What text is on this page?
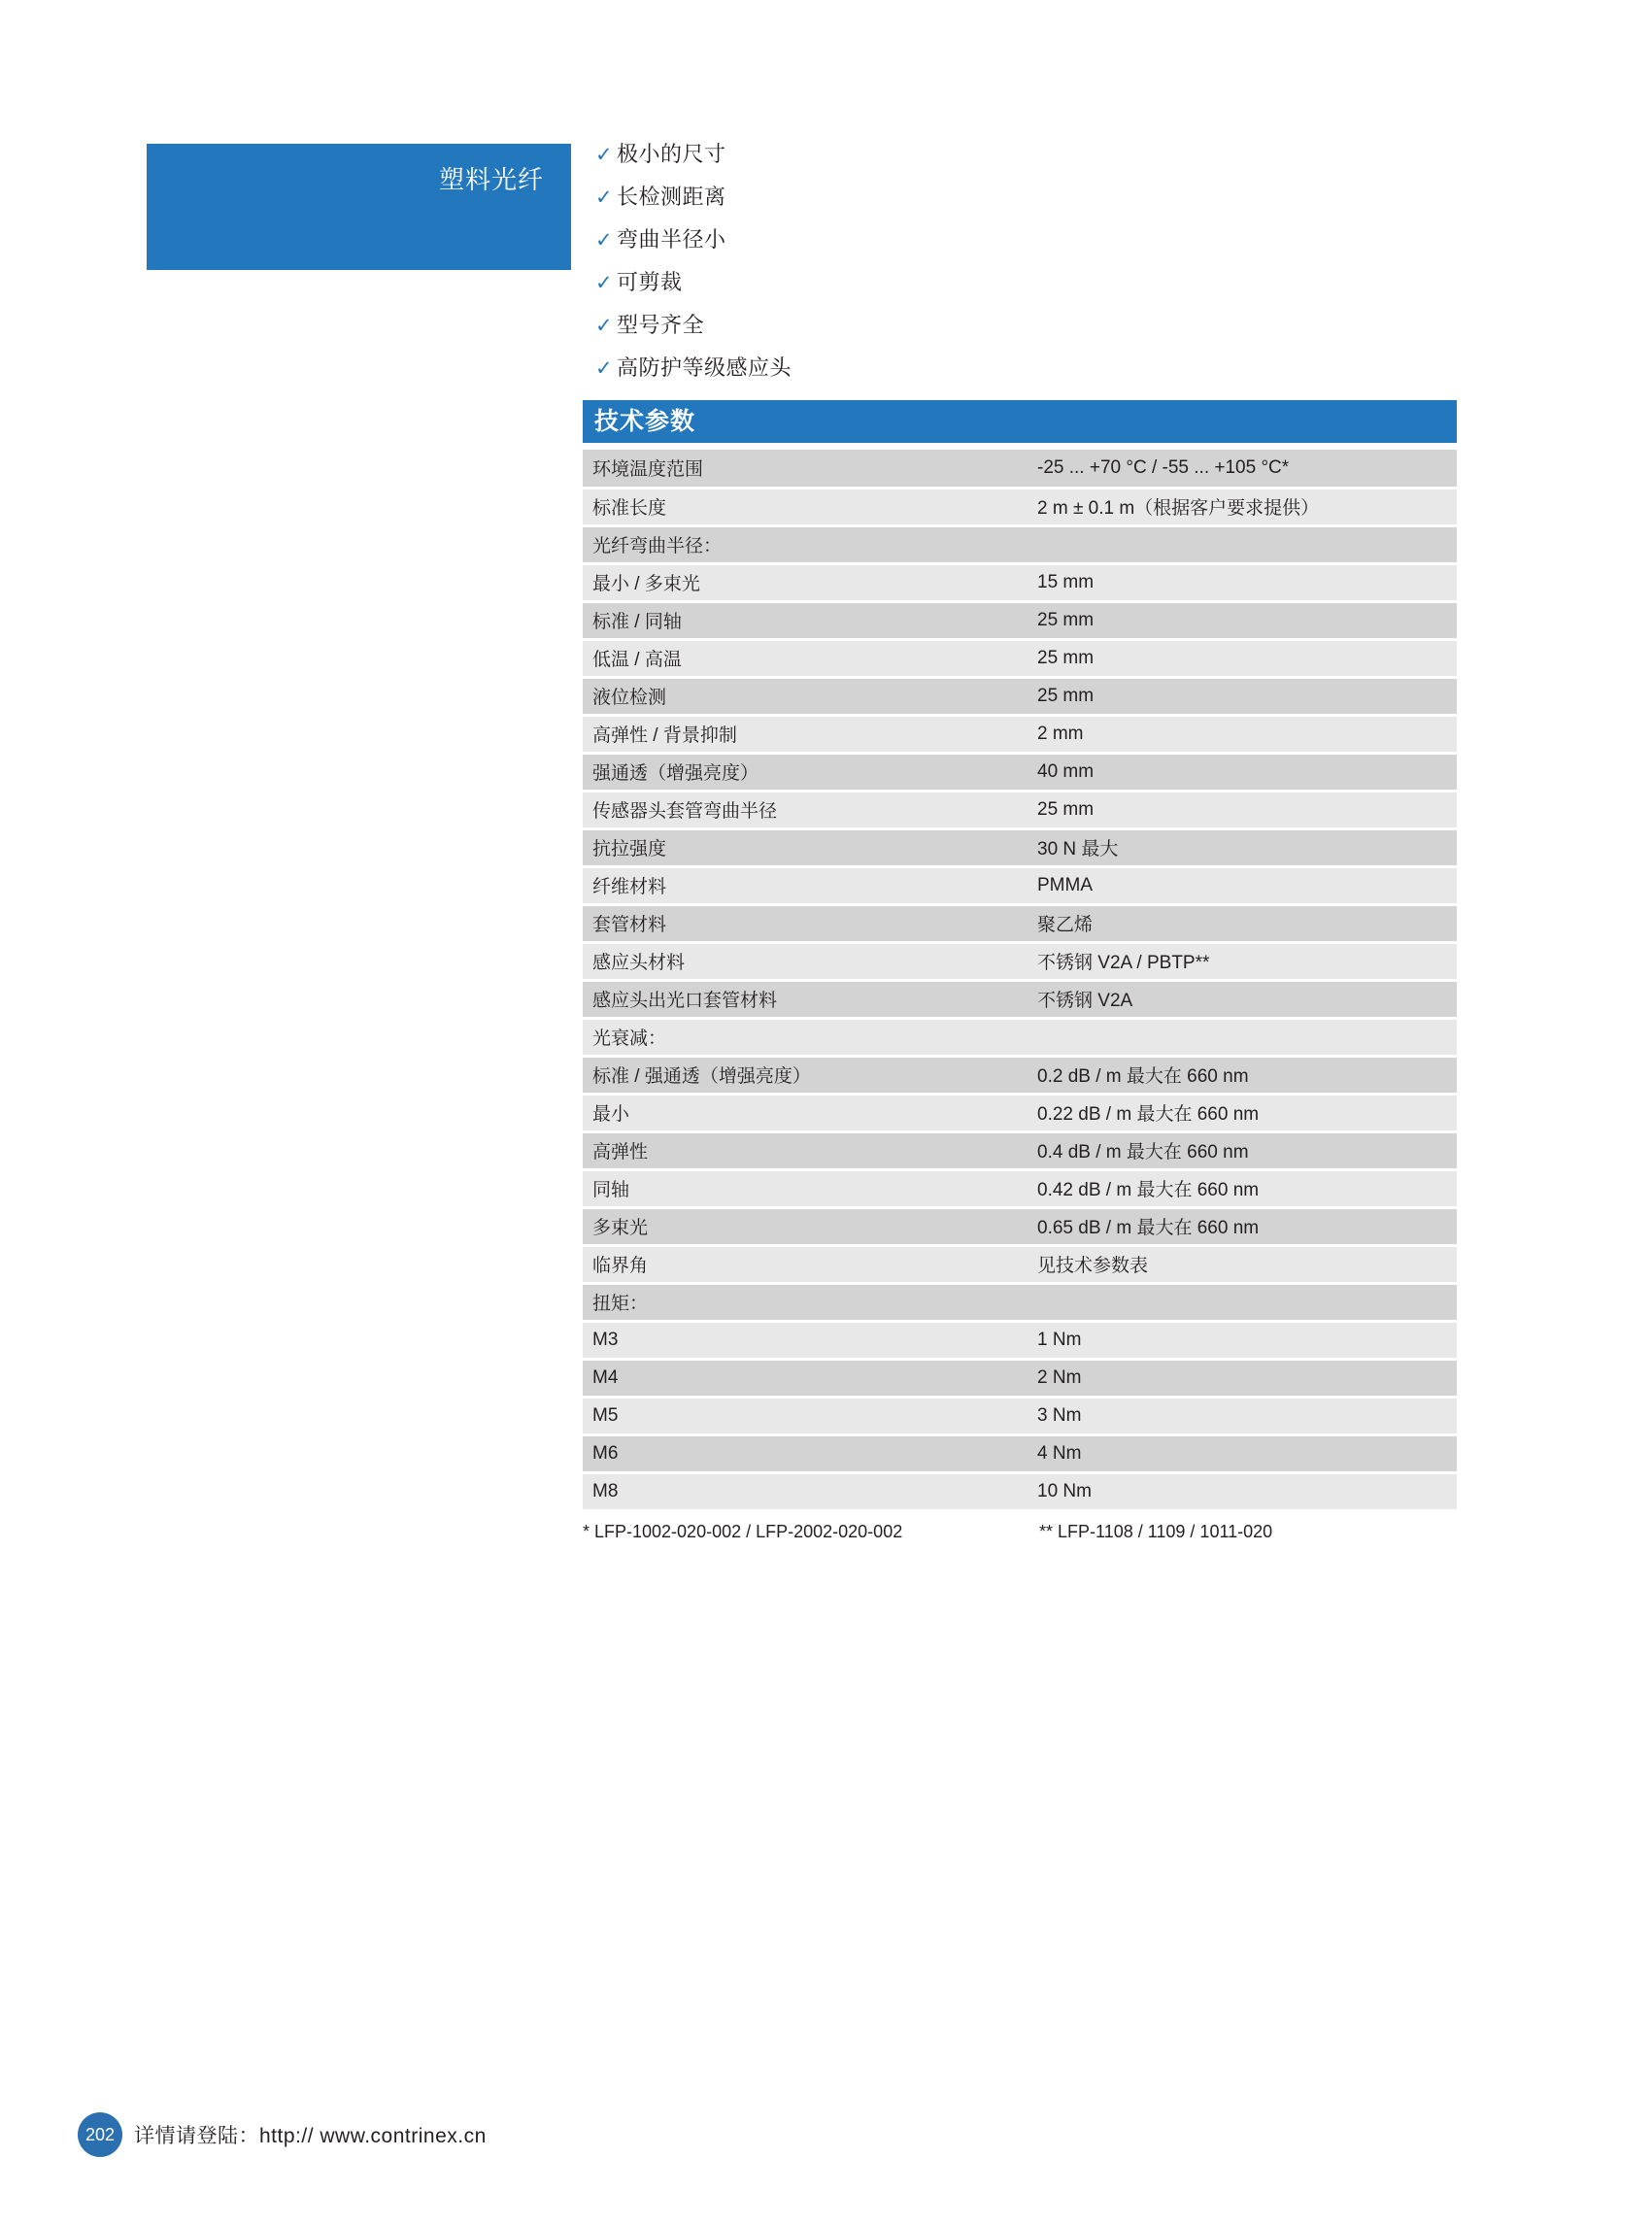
塑料光纤
✓ 极小的尺寸
✓ 长检测距离
✓ 弯曲半径小
✓ 可剪裁
✓ 型号齐全
✓ 高防护等级感应头
技术参数
环境温度范围	-25 ... +70 °C / -55 ... +105 °C*
标准长度	2 m ± 0.1 m（根据客户要求提供）
光纤弯曲半径：	
最小 / 多束光	15 mm
标准 / 同轴	25 mm
低温 / 高温	25 mm
液位检测	25 mm
高弹性 / 背景抑制	2 mm
强通透（增强亮度）	40 mm
传感器头套管弯曲半径	25 mm
抗拉强度	30 N 最大
纤维材料	PMMA
套管材料	聚乙烯
感应头材料	不锈钢 V2A / PBTP**
感应头出光口套管材料	不锈钢 V2A
光衰减：	
标准 / 强通透（增强亮度）	0.2 dB / m 最大在 660 nm
最小	0.22 dB / m 最大在 660 nm
高弹性	0.4 dB / m 最大在 660 nm
同轴	0.42 dB / m 最大在 660 nm
多束光	0.65 dB / m 最大在 660 nm
临界角	见技术参数表
扭矩：	
M3	1 Nm
M4	2 Nm
M5	3 Nm
M6	4 Nm
M8	10 Nm
* LFP-1002-020-002 / LFP-2002-020-002	** LFP-1108 / 1109 / 1011-020
202 详情请登陆：http:// www.contrinex.cn
